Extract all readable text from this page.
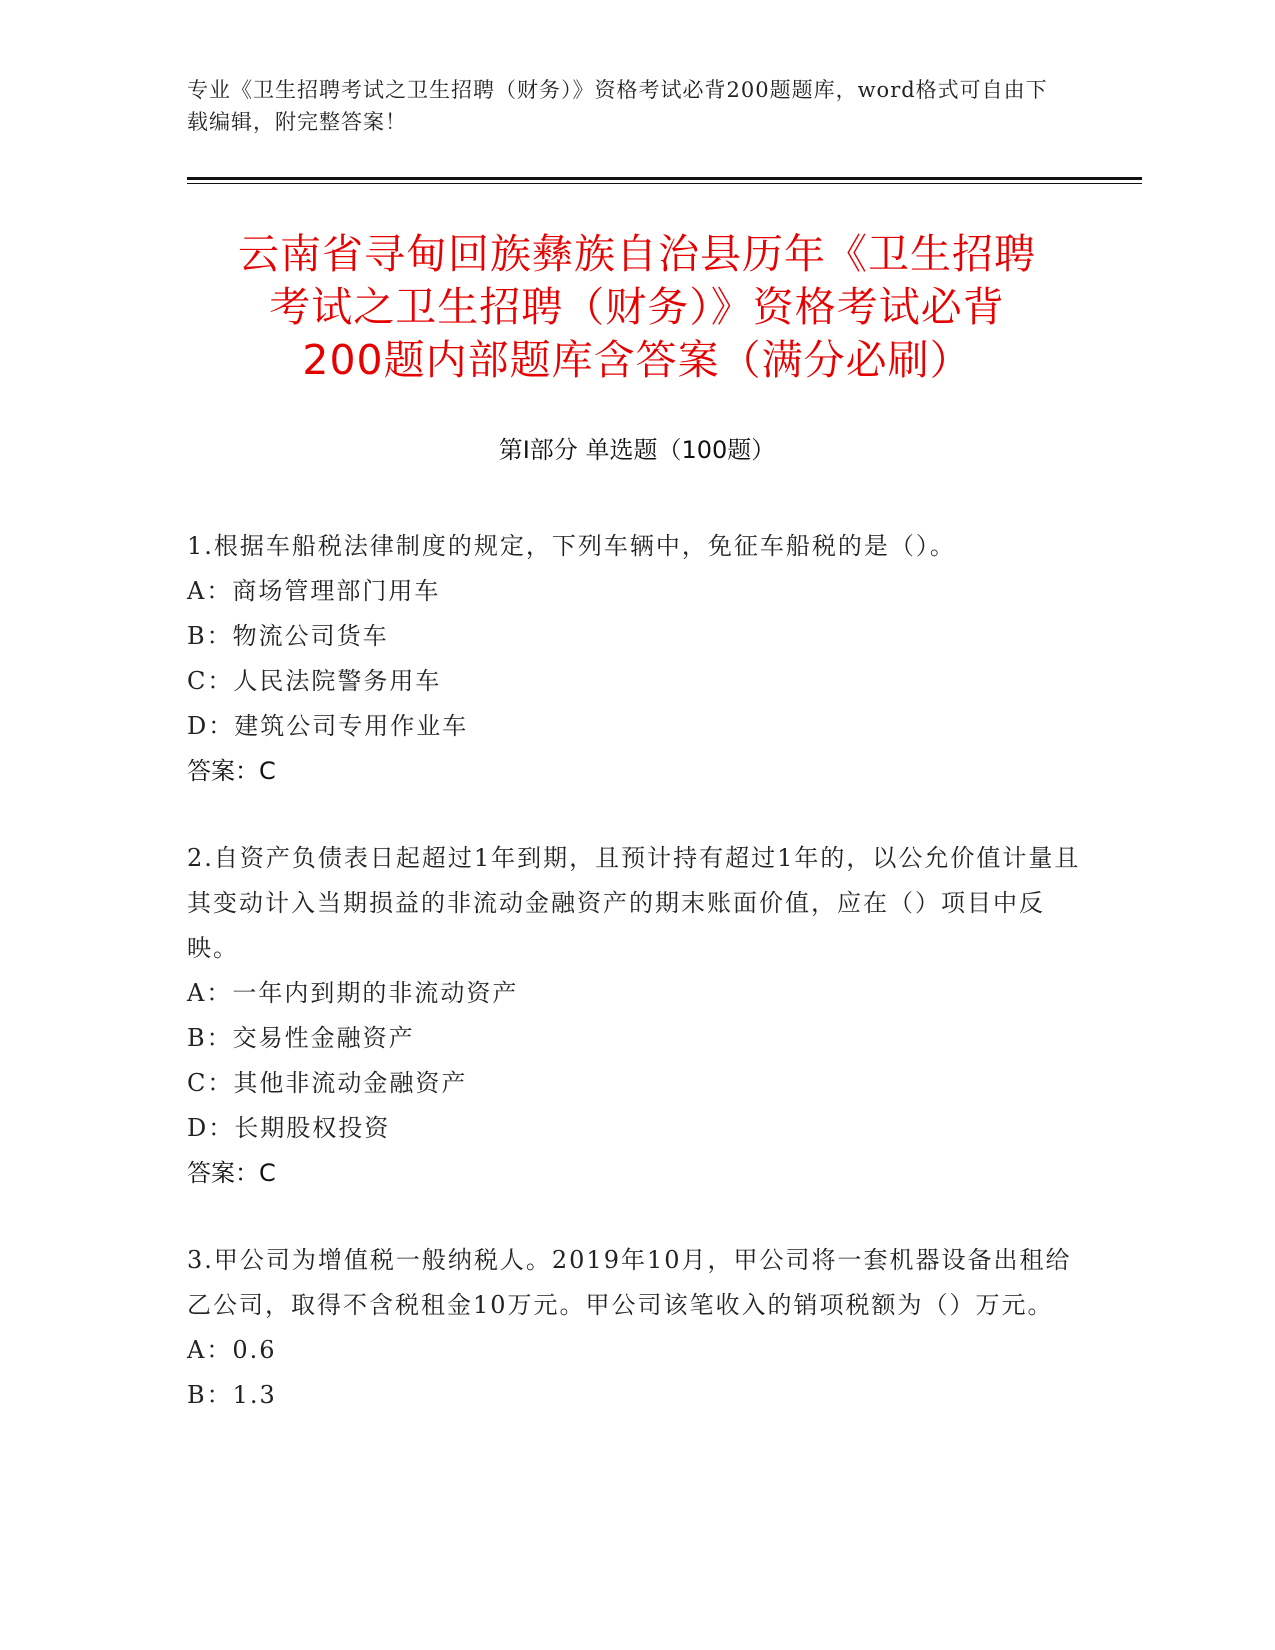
专业《卫生招聘考试之卫生招聘（财务）》资格考试必背200题题库，word格式可自由下载编辑，附完整答案！
云南省寻甸回族彝族自治县历年《卫生招聘
考试之卫生招聘（财务）》资格考试必背
200题内部题库含答案（满分必刷）
第Ⅰ部分 单选题（100题）
1.根据车船税法律制度的规定，下列车辆中，免征车船税的是（）。
A：商场管理部门用车
B：物流公司货车
C：人民法院警务用车
D：建筑公司专用作业车
答案：C
2.自资产负债表日起超过1年到期，且预计持有超过1年的，以公允价值计量且其变动计入当期损益的非流动金融资产的期末账面价值，应在（）项目中反映。
A：一年内到期的非流动资产
B：交易性金融资产
C：其他非流动金融资产
D：长期股权投资
答案：C
3.甲公司为增值税一般纳税人。2019年10月，甲公司将一套机器设备出租给乙公司，取得不含税租金10万元。甲公司该笔收入的销项税额为（）万元。
A：0.6
B：1.3
